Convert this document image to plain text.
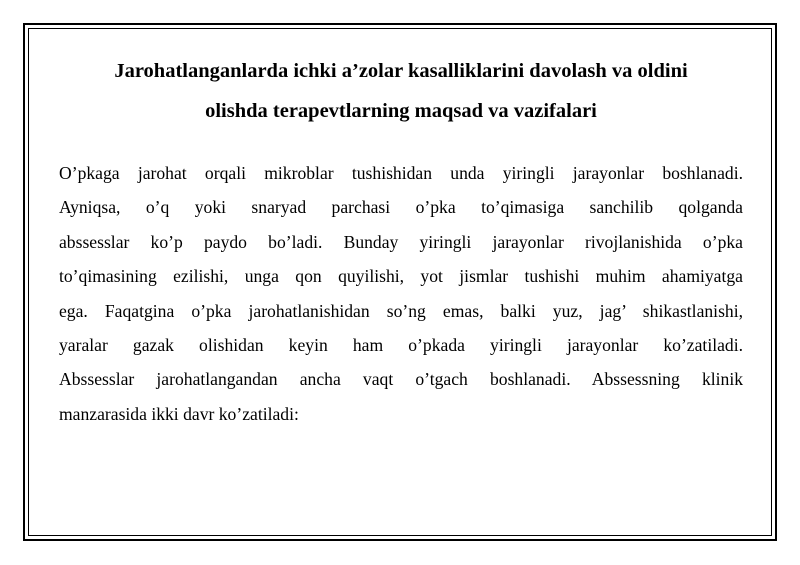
Jarohatlanganlarda ichki a’zolar kasalliklarini davolash va oldini
olishda terapevtlarning maqsad va vazifalari

O’pkaga jarohat orqali mikroblar tushishidan unda yiringli jarayonlar boshlanadi.
Ayniqsa, o’q yoki snaryad parchasi o’pka to’qimasiga sanchilib qolganda
abssesslar ko’p paydo bo’ladi. Bunday yiringli jarayonlar rivojlanishida o’pka
to’qimasining ezilishi, unga qon quyilishi, yot jismlar tushishi muhim ahamiyatga
ega. Faqatgina o’pka jarohatlanishidan so’ng emas, balki yuz, jag’ shikastlanishi,
yaralar gazak olishidan keyin ham o’pkada yiringli jarayonlar ko’zatiladi.
Abssesslar jarohatlangandan ancha vaqt o’tgach boshlanadi. Abssessning klinik
manzarasida ikki davr ko’zatiladi:
